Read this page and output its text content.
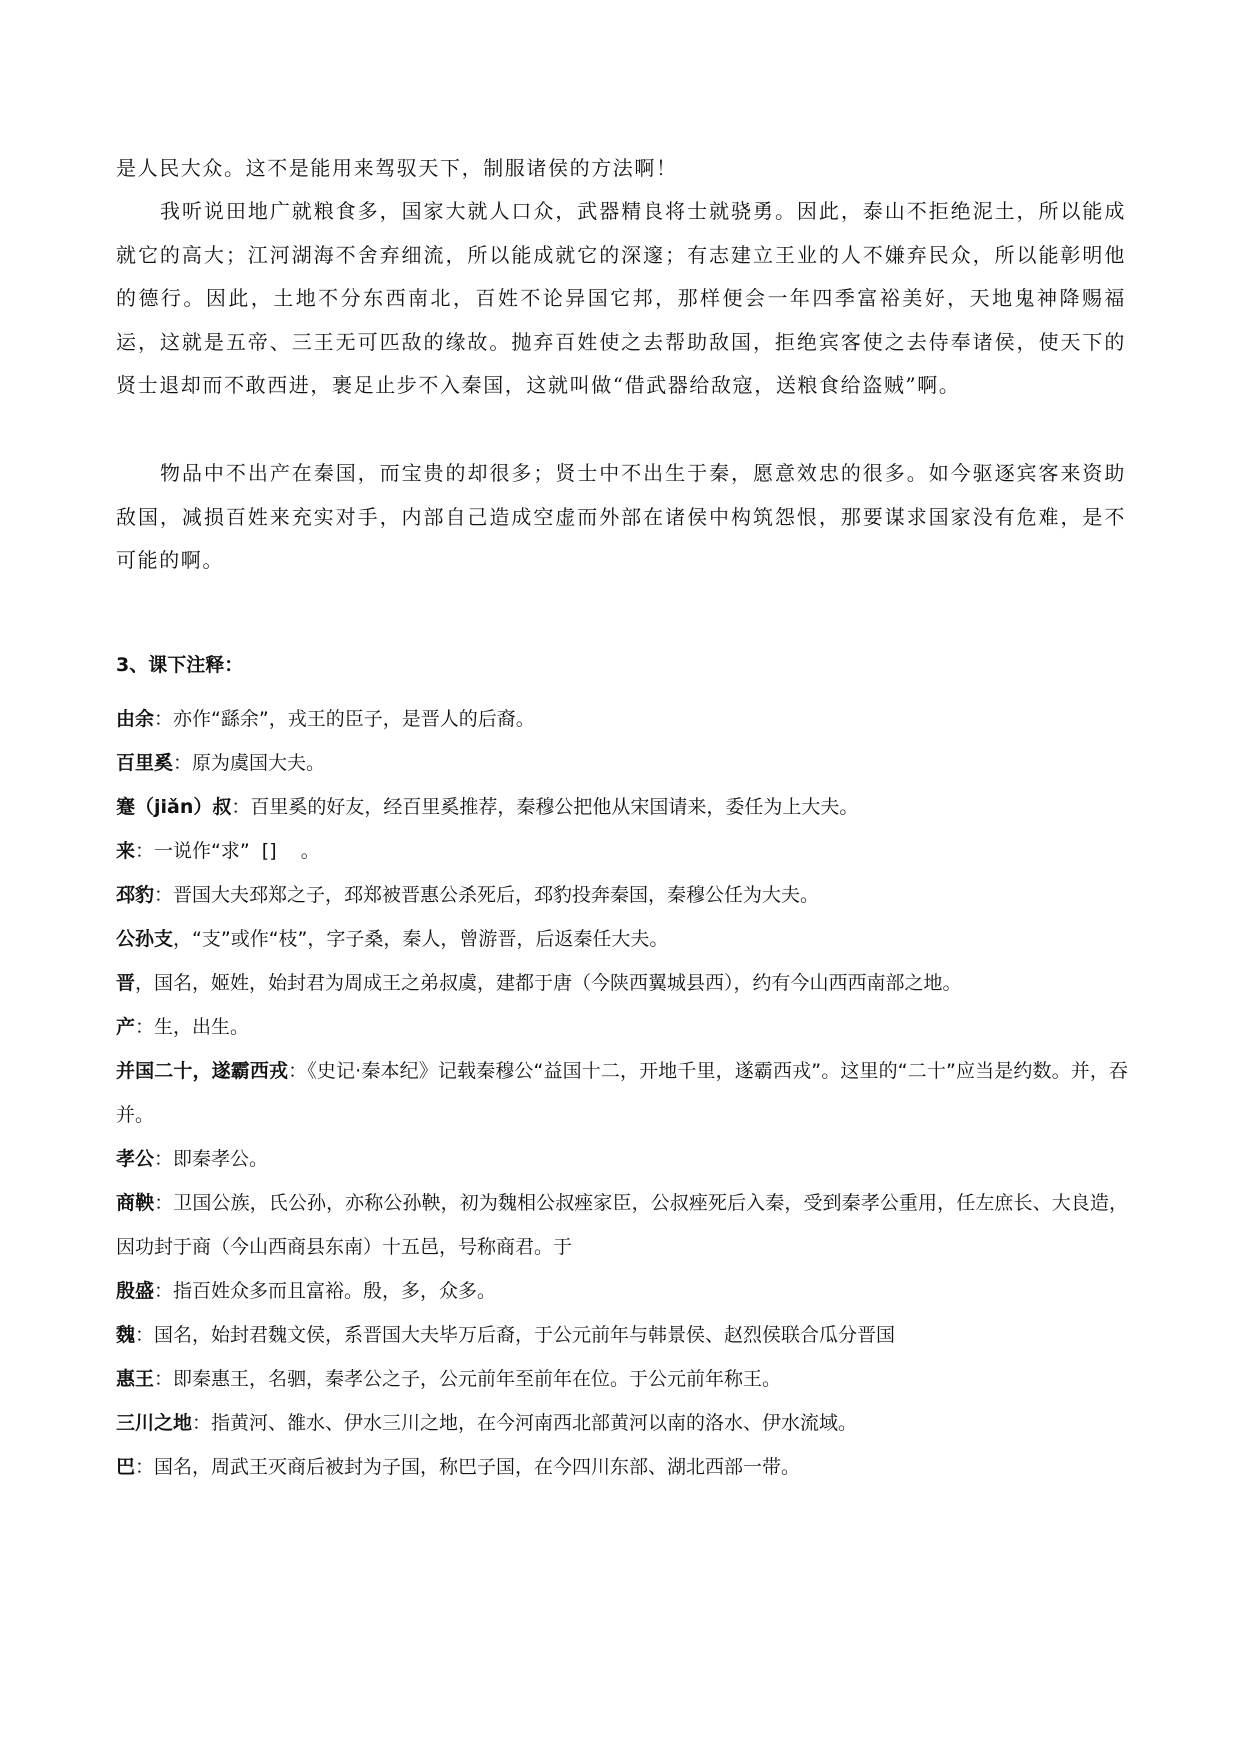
是人民大众。这不是能用来驾驭天下，制服诸侯的方法啊！

我听说田地广就粮食多，国家大就人口众，武器精良将士就骁勇。因此，泰山不拒绝泥土，所以能成就它的高大；江河湖海不舍弃细流，所以能成就它的深邃；有志建立王业的人不嫌弃民众，所以能彰明他的德行。因此，土地不分东西南北，百姓不论异国它邦，那样便会一年四季富裕美好，天地鬼神降赐福运，这就是五帝、三王无可匹敌的缘故。抛弃百姓使之去帮助敌国，拒绝宾客使之去侍奉诸侯，使天下的贤士退却而不敢西进，裹足止步不入秦国，这就叫做“借武器给敌寇，送粮食给盗贼”啊。

物品中不出产在秦国，而宝贵的却很多；贤士中不出生于秦，愿意效忠的很多。如今驱逐宾客来资助敌国，减损百姓来充实对手，内部自己造成空虚而外部在诸侯中构筑怨恨，那要谋求国家没有危难，是不可能的啊。

3、课下注释：
由余：亦作“繇余”，戎王的臣子，是晋人的后裔。
百里奚：原为虞国大夫。
蹇（jiǎn）叔：百里奚的好友，经百里奚推荐，秦穆公把他从宋国请来，委任为上大夫。
来：一说作“求”  []    。
邳豹：晋国大夫邳郑之子，邳郑被晋惠公杀死后，邳豹投奔秦国，秦穆公任为大夫。
公孙支，“支”或作“枝”，字子桑，秦人，曾游晋，后返秦任大夫。
晋，国名，姬姓，始封君为周成王之弟叔虞，建都于唐（今陕西翼城县西），约有今山西西南部之地。
产：生，出生。
并国二十，遂霸西戎：《史记·秦本纪》记载秦穆公“益国十二，开地千里，遂霸西戎”。这里的“二十”应当是约数。并，吞并。
孝公：即秦孝公。
商鞅：卫国公族，氏公孙，亦称公孙鞅，初为魏相公叔痤家臣，公叔痤死后入秦，受到秦孝公重用，任左庶长、大良造，因功封于商（今山西商县东南）十五邑，号称商君。于
殷盛：指百姓众多而且富裕。殷，多，众多。
魏：国名，始封君魏文侯，系晋国大夫毕万后裔，于公元前年与韩景侯、赵烈侯联合瓜分晋国
惠王：即秦惠王，名驷，秦孝公之子，公元前年至前年在位。于公元前年称王。
三川之地：指黄河、雒水、伊水三川之地，在今河南西北部黄河以南的洛水、伊水流域。
巴：国名，周武王灭商后被封为子国，称巴子国，在今四川东部、湖北西部一带。
